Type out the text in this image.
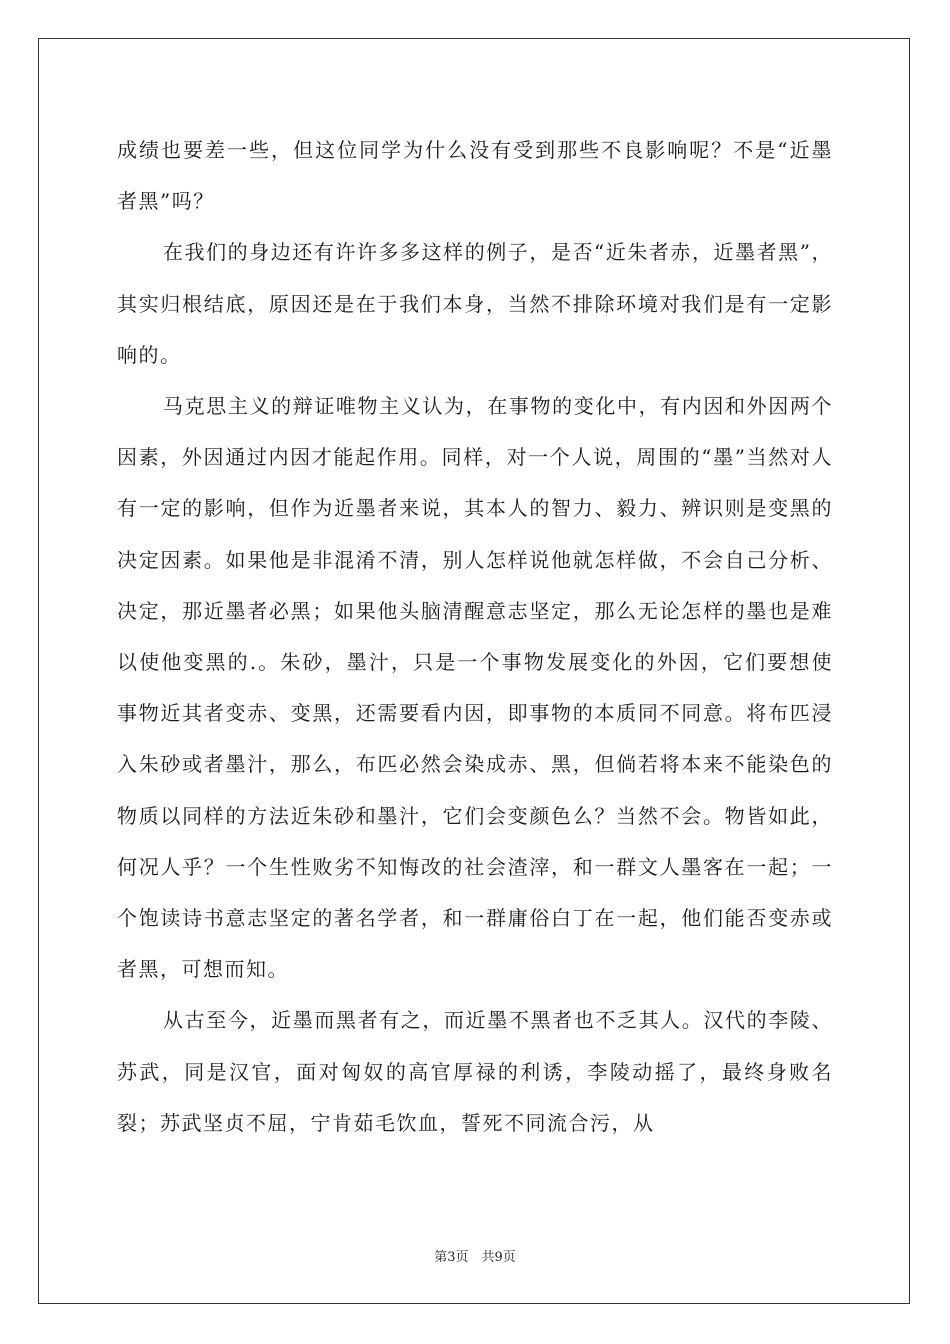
成绩也要差一些，但这位同学为什么没有受到那些不良影响呢？不是“近墨者黑”吗？

在我们的身边还有许许多多这样的例子，是否“近朱者赤，近墨者黑”，其实归根结底，原因还是在于我们本身，当然不排除环境对我们是有一定影响的。

马克思主义的辩证唯物主义认为，在事物的变化中，有内因和外因两个因素，外因通过内因才能起作用。同样，对一个人说，周围的“墨”当然对人有一定的影响，但作为近墨者来说，其本人的智力、毅力、辨识则是变黑的决定因素。如果他是非混淆不清，别人怎样说他就怎样做，不会自己分析、决定，那近墨者必黑；如果他头脑清醒意志坚定，那么无论怎样的墨也是难以使他变黑的.。朱砂，墨汁，只是一个事物发展变化的外因，它们要想使事物近其者变赤、变黑，还需要看内因，即事物的本质同不同意。将布匹浸入朱砂或者墨汁，那么，布匹必然会染成赤、黑，但倘若将本来不能染色的物质以同样的方法近朱砂和墨汁，它们会变颜色么？当然不会。物皆如此，何况人乎？一个生性败劣不知悔改的社会渣滓，和一群文人墨客在一起；一个饱读诗书意志坚定的著名学者，和一群庸俗白丁在一起，他们能否变赤或者黑，可想而知。

从古至今，近墨而黑者有之，而近墨不黑者也不乏其人。汉代的李陵、苏武，同是汉官，面对匈奴的高官厚禄的利诱，李陵动摇了，最终身败名裂；苏武坚贞不屈，宁肯茹毛饮血，誓死不同流合污，从

第3页　共9页
